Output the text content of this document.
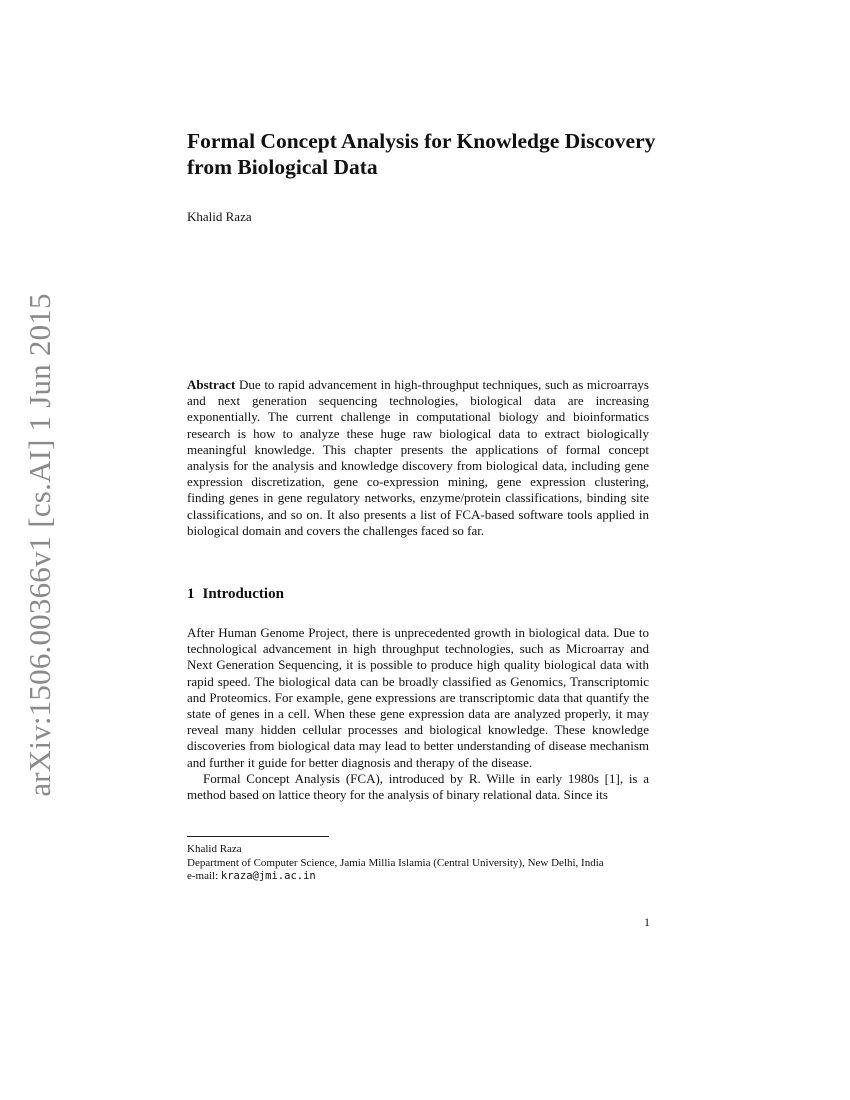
arXiv:1506.00366v1 [cs.AI] 1 Jun 2015
Formal Concept Analysis for Knowledge Discovery from Biological Data

Khalid Raza

Abstract Due to rapid advancement in high-throughput techniques, such as microarrays and next generation sequencing technologies, biological data are increasing exponentially. The current challenge in computational biology and bioinformatics research is how to analyze these huge raw biological data to extract biologically meaningful knowledge. This chapter presents the applications of formal concept analysis for the analysis and knowledge discovery from biological data, including gene expression discretization, gene co-expression mining, gene expression clustering, finding genes in gene regulatory networks, enzyme/protein classifications, binding site classifications, and so on. It also presents a list of FCA-based software tools applied in biological domain and covers the challenges faced so far.

1 Introduction

After Human Genome Project, there is unprecedented growth in biological data. Due to technological advancement in high throughput technologies, such as Microarray and Next Generation Sequencing, it is possible to produce high quality biological data with rapid speed. The biological data can be broadly classified as Genomics, Transcriptomic and Proteomics. For example, gene expressions are transcriptomic data that quantify the state of genes in a cell. When these gene expression data are analyzed properly, it may reveal many hidden cellular processes and biological knowledge. These knowledge discoveries from biological data may lead to better understanding of disease mechanism and further it guide for better diagnosis and therapy of the disease.

Formal Concept Analysis (FCA), introduced by R. Wille in early 1980s [1], is a method based on lattice theory for the analysis of binary relational data. Since its

Khalid Raza
Department of Computer Science, Jamia Millia Islamia (Central University), New Delhi, India
e-mail: kraza@jmi.ac.in
1
